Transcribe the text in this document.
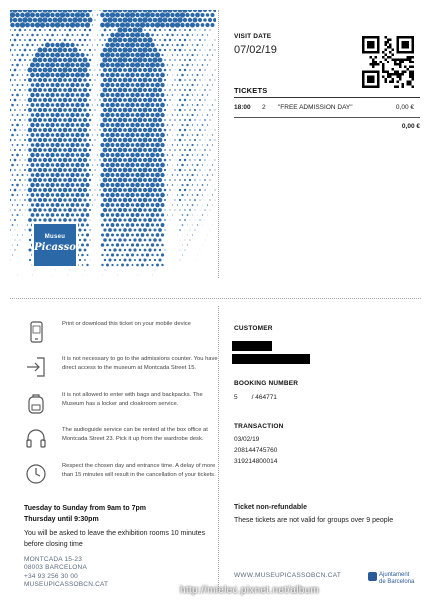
Museu
Picasso
VISIT DATE
07/02/19
TICKETS
18:00 2 "FREE ADMISSION DAY"	0,00 €
0,00 €
Print or download this ticket on your mobile device
It is not necessary to go to the admissions counter. You have direct access to the museum at Montcada Street 15.
It is not allowed to enter with bags and backpacks. The Museum has a locker and cloakroom service.
The audioguide service can be rented at the box office at Montcada Street 23. Pick it up from the wardrobe desk.
Respect the chosen day and entrance time. A delay of more than 15 minutes will result in the cancellation of your tickets.
Tuesday to Sunday from 9am to 7pm
Thursday until 9:30pm
You will be asked to leave the exhibition rooms 10 minutes before closing time
MONTCADA 15-23
08003 BARCELONA
+34 93 256 30 00
MUSEUPICASSOBCN.CAT
CUSTOMER
BOOKING NUMBER
5 / 464771
TRANSACTION
03/02/19
208144745760
319214800014
Ticket non-refundable
These tickets are not valid for groups over 9 people
WWW.MUSEUPICASSOBCN.CAT	Ajuntament
de Barcelona
http://mielec.pixnet.net/album
